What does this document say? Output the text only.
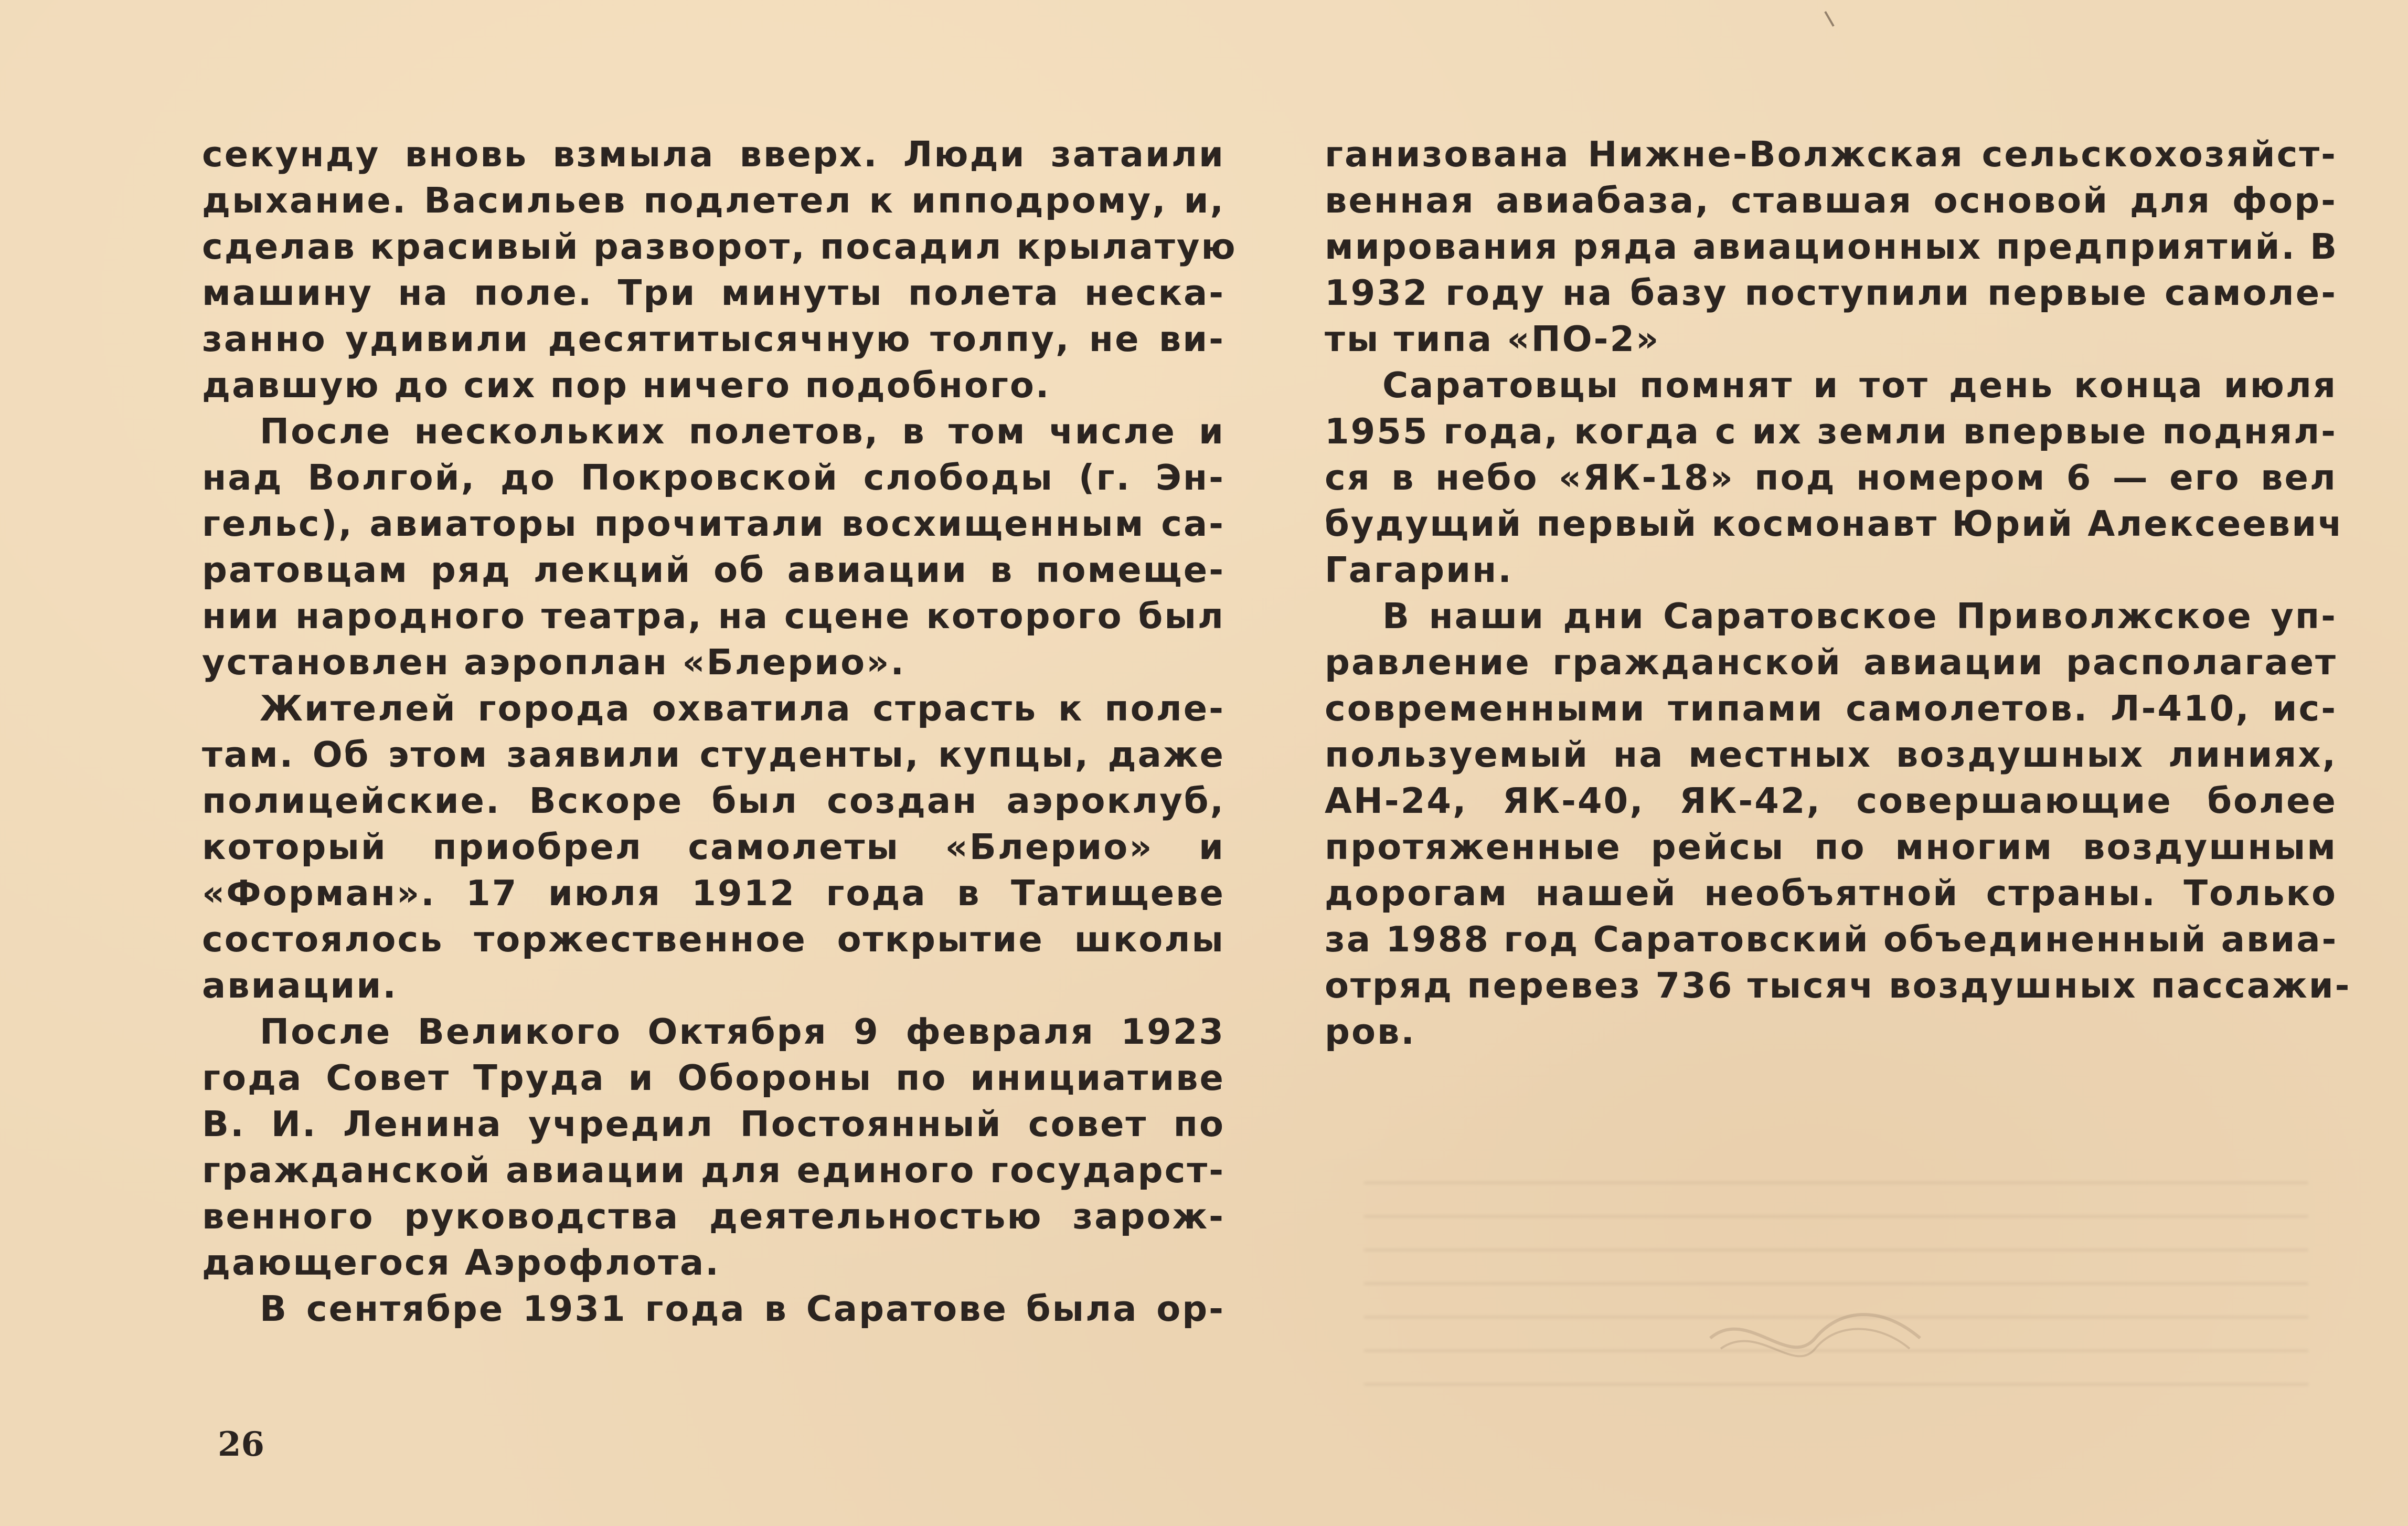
секунду вновь взмыла вверх. Люди затаили
дыхание. Васильев подлетел к ипподрому, и,
сделав красивый разворот, посадил крылатую
машину на поле. Три минуты полета неска-
занно удивили десятитысячную толпу, не ви-
давшую до сих пор ничего подобного.
После нескольких полетов, в том числе и
над Волгой, до Покровской слободы (г. Эн-
гельс), авиаторы прочитали восхищенным са-
ратовцам ряд лекций об авиации в помеще-
нии народного театра, на сцене которого был
установлен аэроплан «Блерио».
Жителей города охватила страсть к поле-
там. Об этом заявили студенты, купцы, даже
полицейские. Вскоре был создан аэроклуб,
который приобрел самолеты «Блерио» и
«Форман». 17 июля 1912 года в Татищеве
состоялось торжественное открытие школы
авиации.
После Великого Октября 9 февраля 1923
года Совет Труда и Обороны по инициативе
В. И. Ленина учредил Постоянный совет по
гражданской авиации для единого государст-
венного руководства деятельностью зарож-
дающегося Аэрофлота.
В сентябре 1931 года в Саратове была ор-
ганизована Нижне-Волжская сельскохозяйст-
венная авиабаза, ставшая основой для фор-
мирования ряда авиационных предприятий. В
1932 году на базу поступили первые самоле-
ты типа «ПО-2»
Саратовцы помнят и тот день конца июля
1955 года, когда с их земли впервые поднял-
ся в небо «ЯК-18» под номером 6 — его вел
будущий первый космонавт Юрий Алексеевич
Гагарин.
В наши дни Саратовское Приволжское уп-
равление гражданской авиации располагает
современными типами самолетов. Л-410, ис-
пользуемый на местных воздушных линиях,
АН-24, ЯК-40, ЯК-42, совершающие более
протяженные рейсы по многим воздушным
дорогам нашей необъятной страны. Только
за 1988 год Саратовский объединенный авиа-
отряд перевез 736 тысяч воздушных пассажи-
ров.
26
